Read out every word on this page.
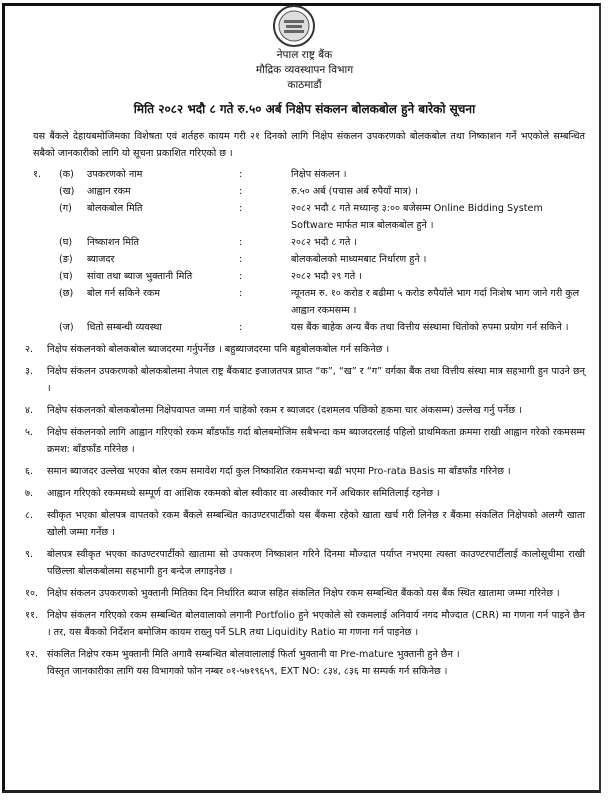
नेपाल राष्ट्र बैंक
मौद्रिक व्यवस्थापन विभाग
काठमाडौं
मिति २०८२ भदौ ८ गते रु.५० अर्ब निक्षेप संकलन बोलकबोल हुने बारेको सूचना

यस बैंकले देहायबमोजिमका विशेषता एवं शर्तहरु कायम गरी २१ दिनको लागि निक्षेप संकलन उपकरणको बोलकबोल तथा निष्काशन गर्ने भएकोले सम्बन्धित सबैको जानकारीको लागि यो सूचना प्रकाशित गरिएको छ ।

१.	(क)	उपकरणको नाम	:	निक्षेप संकलन ।
(ख)	आह्वान रकम	:	रु.५० अर्ब (पचास अर्ब रुपैयाँ मात्र) ।
(ग)	बोलकबोल मिति	:	२०८२ भदौ ८ गते मध्यान्ह ३:०० बजेसम्म Online Bidding System Software मार्फत मात्र बोलकबोल हुने ।
(घ)	निष्काशन मिति	:	२०८२ भदौ ८ गते ।
(ङ)	ब्याजदर	:	बोलकबोलको माध्यमबाट निर्धारण हुने ।
(च)	सांवा तथा ब्याज भुक्तानी मिति	:	२०८२ भदौ २९ गते ।
(छ)	बोल गर्न सकिने रकम	:	न्यूनतम रु. १० करोड र बढीमा ५ करोड रुपैयाँले भाग गर्दा निःशेष भाग जाने गरी कुल आह्वान रकमसम्म ।
(ज)	धितो सम्बन्धी व्यवस्था	:	यस बैंक बाहेक अन्य बैंक तथा वित्तीय संस्थामा धितोको रुपमा प्रयोग गर्न सकिने ।
२.	निक्षेप संकलनको बोलकबोल ब्याजदरमा गर्नुपर्नेछ । बहुब्याजदरमा पनि बहुबोलकबोल गर्न सकिनेछ ।
३.	निक्षेप संकलन उपकरणको बोलकबोलमा नेपाल राष्ट्र बैंकबाट इजाजतपत्र प्राप्त “क”, “ख” र “ग” वर्गका बैंक तथा वित्तीय संस्था मात्र सहभागी हुन पाउने छन् ।
४.	निक्षेप संकलनको बोलकबोलमा निक्षेपवापत जम्मा गर्न चाहेको रकम र ब्याजदर (दशमलव पछिको हकमा चार अंकसम्म) उल्लेख गर्नु पर्नेछ ।
५.	निक्षेप संकलनको लागि आह्वान गरिएको रकम बाँडफाँड गर्दा बोलबमोजिम सबैभन्दा कम ब्याजदरलाई पहिलो प्राथमिकता क्रममा राखी आह्वान गरेको रकमसम्म क्रमश: बाँडफाँड गरिनेछ ।
६.	समान ब्याजदर उल्लेख भएका बोल रकम समावेश गर्दा कुल निष्काशित रकमभन्दा बढी भएमा Pro-rata Basis मा बाँडफाँड गरिनेछ ।
७.	आह्वान गरिएको रकममध्ये सम्पूर्ण वा आंशिक रकमको बोल स्वीकार वा अस्वीकार गर्ने अधिकार समितिलाई रहनेछ ।
८.	स्वीकृत भएका बोलपत्र वापतको रकम बैंकले सम्बन्धित काउण्टरपार्टीको यस बैंकमा रहेको खाता खर्च गरी लिनेछ र बैंकमा संकलित निक्षेपको अलग्गै खाता खोली जम्मा गर्नेछ ।
९.	बोलपत्र स्वीकृत भएका काउण्टरपार्टीको खातामा सो उपकरण निष्काशन गरिने दिनमा मौज्दात पर्याप्त नभएमा त्यस्ता काउण्टरपार्टीलाई कालोसूचीमा राखी पछिल्ला बोलकबोलमा सहभागी हुन बन्देज लगाइनेछ ।
१०. निक्षेप संकलन उपकरणको भुक्तानी मितिका दिन निर्धारित ब्याज सहित संकलित निक्षेप रकम सम्बन्धित बैंकको यस बैंक स्थित खातामा जम्मा गरिनेछ ।
११. निक्षेप संकलन गरिएको रकम सम्बन्धित बोलवालाको लगानी Portfolio हुने भएकोले सो रकमलाई अनिवार्य नगद मौज्दात (CRR) मा गणना गर्न पाइने छैन । तर, यस बैंकको निर्देशन बमोजिम कायम राख्नु पर्ने SLR तथा Liquidity Ratio मा गणना गर्न पाइनेछ ।
१२. संकलित निक्षेप रकम भुक्तानी मिति अगावै सम्बन्धित बोलवालालाई फिर्ता भुक्तानी वा Pre-mature भुक्तानी हुने छैन ।
विस्तृत जानकारीका लागि यस विभागको फोन नम्बर ०१-५७१९६५९, EXT NO: ८३४, ८३६ मा सम्पर्क गर्न सकिनेछ ।
